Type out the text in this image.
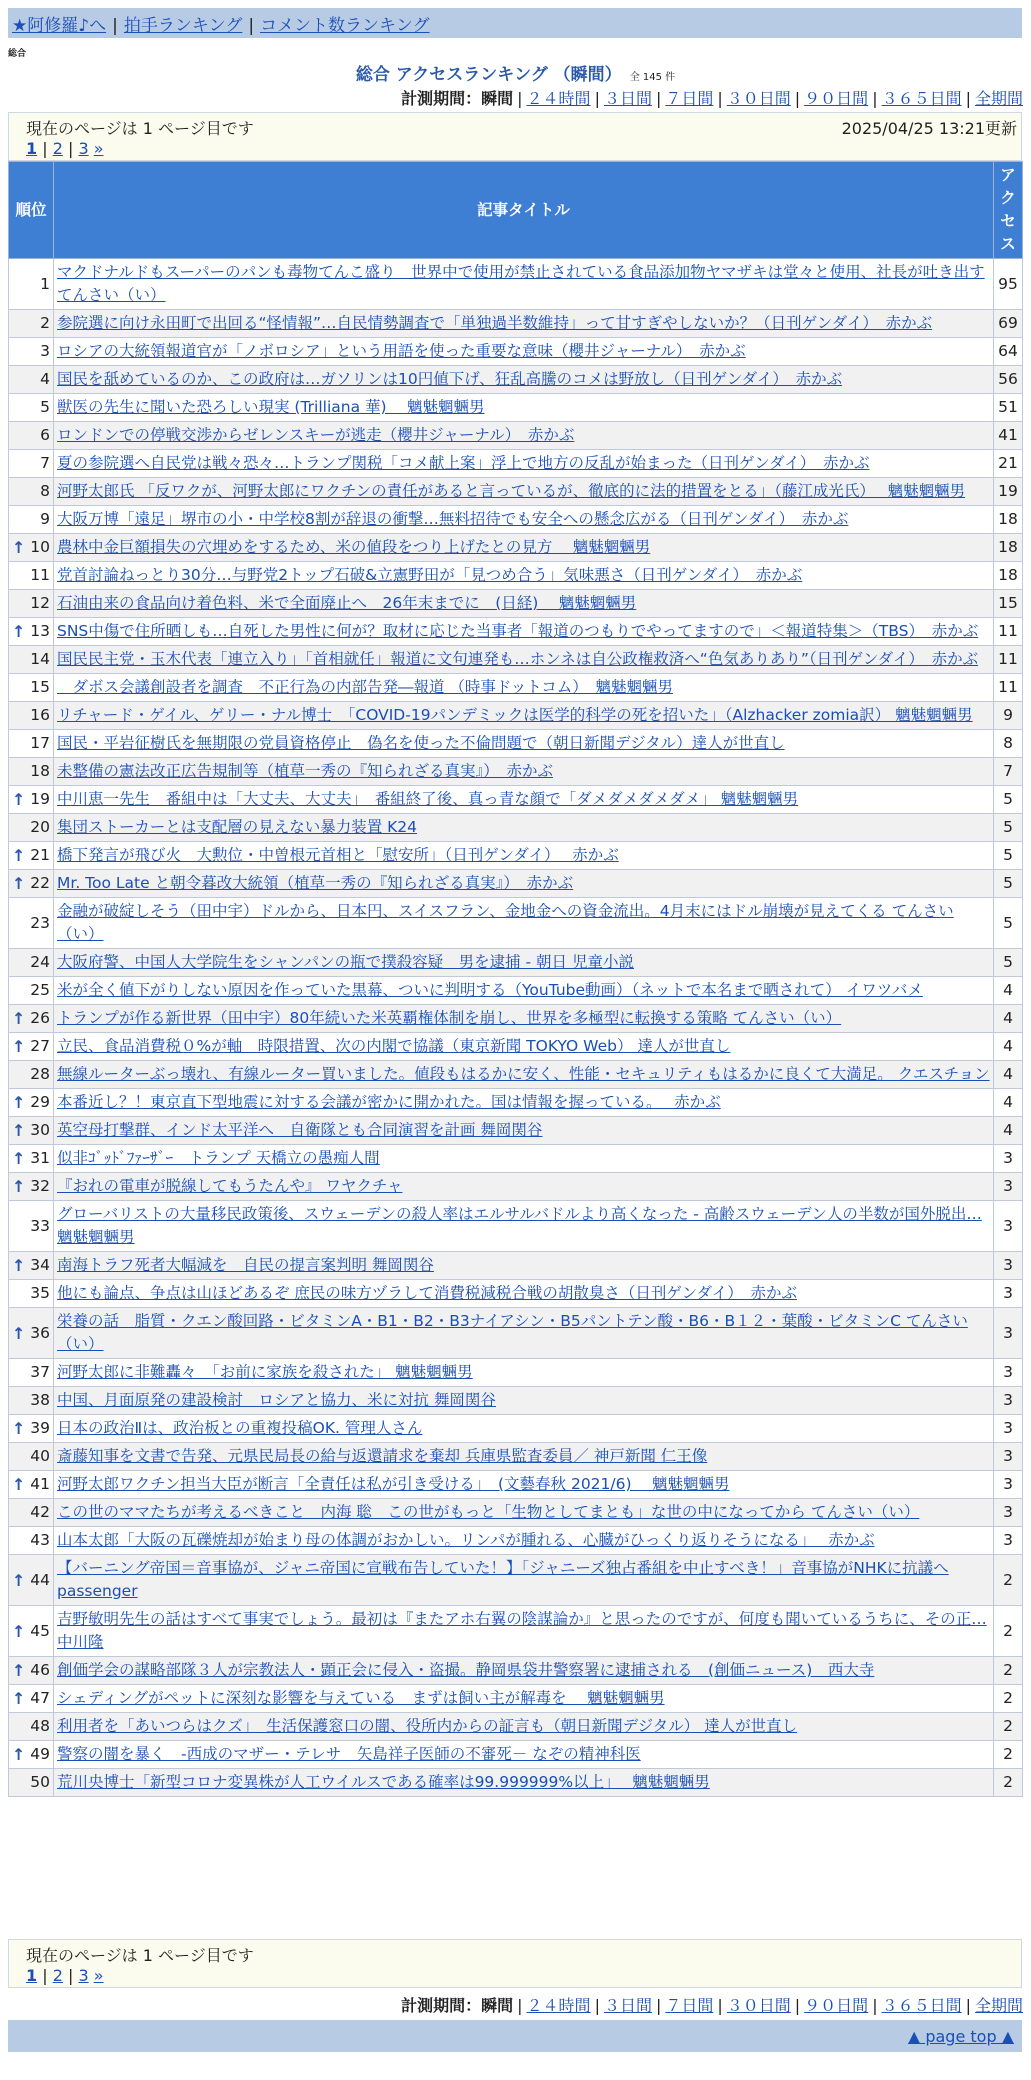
★阿修羅♪へ | 拍手ランキング | コメント数ランキング
総合
総合 アクセスランキング （瞬間） 全 145 件
計測期間：瞬間 | ２４時間 | ３日間 | ７日間 | ３０日間 | ９０日間 | ３６５日間 | 全期間
現在のページは 1 ページ目です	2025/04/25 13:21更新
1 | 2 | 3 »
順位	記事タイトル	アクセス
1	マクドナルドもスーパーのパンも毒物てんこ盛り　世界中で使用が禁止されている食品添加物ヤマザキは堂々と使用、社長が吐き出す てんさい（い）	95
2	参院選に向け永田町で出回る“怪情報”…自民情勢調査で「単独過半数維持」って甘すぎやしないか？（日刊ゲンダイ）　赤かぶ	69
3	ロシアの大統領報道官が「ノボロシア」という用語を使った重要な意味（櫻井ジャーナル）　赤かぶ	64
4	国民を舐めているのか、この政府は…ガソリンは10円値下げ、狂乱高騰のコメは野放し（日刊ゲンダイ）　赤かぶ	56
5	獣医の先生に聞いた恐ろしい現実 (Trilliana 華)　 魑魅魍魎男	51
6	ロンドンでの停戦交渉からゼレンスキーが逃走（櫻井ジャーナル）　赤かぶ	41
7	夏の参院選へ自民党は戦々恐々…トランプ関税「コメ献上案」浮上で地方の反乱が始まった（日刊ゲンダイ）　赤かぶ	21
8	河野太郎氏 「反ワクが、河野太郎にワクチンの責任があると言っているが、徹底的に法的措置をとる」（藤江成光氏）　 魑魅魍魎男	19
9	大阪万博「遠足」堺市の小・中学校8割が辞退の衝撃…無料招待でも安全への懸念広がる（日刊ゲンダイ）　赤かぶ	18

↑ 10	農林中金巨額損失の穴埋めをするため、米の値段をつり上げたとの見方　 魑魅魍魎男	18
11	党首討論ねっとり30分…与野党2トップ石破&立憲野田が「見つめ合う」気味悪さ（日刊ゲンダイ）　赤かぶ	18
12	石油由来の食品向け着色料、米で全面廃止へ　26年末までに　(日経)　 魑魅魍魎男	15

↑ 13	SNS中傷で住所晒しも…自死した男性に何が？取材に応じた当事者「報道のつもりでやってますので」＜報道特集＞（TBS）　赤かぶ	11
14	国民民主党・玉木代表「連立入り」「首相就任」報道に文句連発も…ホンネは自公政権救済へ“色気ありあり”（日刊ゲンダイ）　赤かぶ	11
15	　ダボス会議創設者を調査　不正行為の内部告発―報道 （時事ドットコム）　魑魅魍魎男	11
16	リチャード・ゲイル、ゲリー・ナル博士　「COVID-19パンデミックは医学的科学の死を招いた」（Alzhacker zomia訳） 魑魅魍魎男	9
17	国民・平岩征樹氏を無期限の党員資格停止　偽名を使った不倫問題で（朝日新聞デジタル）達人が世直し	8
18	未整備の憲法改正広告規制等（植草一秀の『知られざる真実』）　赤かぶ	7

↑ 19	中川恵一先生　番組中は「大丈夫、大丈夫」　番組終了後、真っ青な顔で「ダメダメダメダメ」 魑魅魍魎男	5
20	集団ストーカーとは支配層の見えない暴力装置 K24	5

↑ 21	橋下発言が飛び火　大勲位・中曽根元首相と「慰安所」（日刊ゲンダイ）　 赤かぶ	5

↑ 22	Mr. Too Late と朝令暮改大統領（植草一秀の『知られざる真実』）　赤かぶ	5
23	金融が破綻しそう（田中宇）ドルから、日本円、スイスフラン、金地金への資金流出。4月末にはドル崩壊が見えてくる てんさい（い）	5
24	大阪府警、中国人大学院生をシャンパンの瓶で撲殺容疑　男を逮捕 - 朝日 児童小説	5
25	米が全く値下がりしない原因を作っていた黒幕、ついに判明する（YouTube動画）（ネットで本名まで晒されて） イワツバメ	4

↑ 26	トランプが作る新世界（田中宇）80年続いた米英覇権体制を崩し、世界を多極型に転換する策略 てんさい（い）	4

↑ 27	立民、食品消費税０%が軸　時限措置、次の内閣で協議（東京新聞 TOKYO Web） 達人が世直し	4
28	無線ルーターぶっ壊れ、有線ルーター買いました。値段もはるかに安く、性能・セキュリティもはるかに良くて大満足。 クエスチョン	4

↑ 29	本番近し？！東京直下型地震に対する会議が密かに開かれた。国は情報を握っている。　 赤かぶ	4

↑ 30	英空母打撃群、インド太平洋へ　自衛隊とも合同演習を計画 舞岡関谷	4

↑ 31	似非ｺﾞｯﾄﾞﾌｧｰｻﾞｰ　トランプ 天橋立の愚痴人間	3

↑ 32	『おれの電車が脱線してもうたんや』 ワヤクチャ	3
33	グローバリストの大量移民政策後、スウェーデンの殺人率はエルサルバドルより高くなった - 高齢スウェーデン人の半数が国外脱出… 魑魅魍魎男	3

↑ 34	南海トラフ死者大幅減を　自民の提言案判明 舞岡関谷	3
35	他にも論点、争点は山ほどあるぞ 庶民の味方ヅラして消費税減税合戦の胡散臭さ（日刊ゲンダイ）　赤かぶ	3

↑ 36	栄養の話　脂質・クエン酸回路・ビタミンA・B1・B2・B3ナイアシン・B5パントテン酸・B6・B１２・葉酸・ビタミンC てんさい（い）	3
37	河野太郎に非難轟々　「お前に家族を殺された」 魑魅魍魎男	3
38	中国、月面原発の建設検討　ロシアと協力、米に対抗 舞岡関谷	3

↑ 39	日本の政治Ⅱは、政治板との重複投稿OK. 管理人さん	3
40	斎藤知事を文書で告発、元県民局長の給与返還請求を棄却 兵庫県監査委員／ 神戸新聞 仁王像	3

↑ 41	河野太郎ワクチン担当大臣が断言「全責任は私が引き受ける」　(文藝春秋 2021/6)　 魑魅魍魎男	3
42	この世のママたちが考えるべきこと　内海 聡　この世がもっと「生物としてまとも」な世の中になってから てんさい（い）	3
43	山本太郎「大阪の瓦礫焼却が始まり母の体調がおかしい。リンパが腫れる、心臓がひっくり返りそうになる」　 赤かぶ	3

↑ 44	【バーニング帝国＝音事協が、ジャニ帝国に宣戦布告していた！】「ジャニーズ独占番組を中止すべき！」音事協がNHKに抗議へ passenger	2

↑ 45	吉野敏明先生の話はすべて事実でしょう。最初は『またアホ右翼の陰謀論か』と思ったのですが、何度も聞いているうちに、その正… 中川隆	2

↑ 46	創価学会の謀略部隊３人が宗教法人・顕正会に侵入・盗撮。静岡県袋井警察署に逮捕される　(創価ニュース)　西大寺	2

↑ 47	シェディングがペットに深刻な影響を与えている　まずは飼い主が解毒を　 魑魅魍魎男	2
48	利用者を「あいつらはクズ」　生活保護窓口の闇、役所内からの証言も（朝日新聞デジタル） 達人が世直し	2

↑ 49	警察の闇を暴く　-西成のマザー・テレサ　矢島祥子医師の不審死－ なぞの精神科医	2
50	荒川央博士「新型コロナ変異株が人工ウイルスである確率は99.999999%以上」　 魑魅魍魎男	2
現在のページは 1 ページ目です
1 | 2 | 3 »
計測期間：瞬間 | ２４時間 | ３日間 | ７日間 | ３０日間 | ９０日間 | ３６５日間 | 全期間
▲ page top ▲
